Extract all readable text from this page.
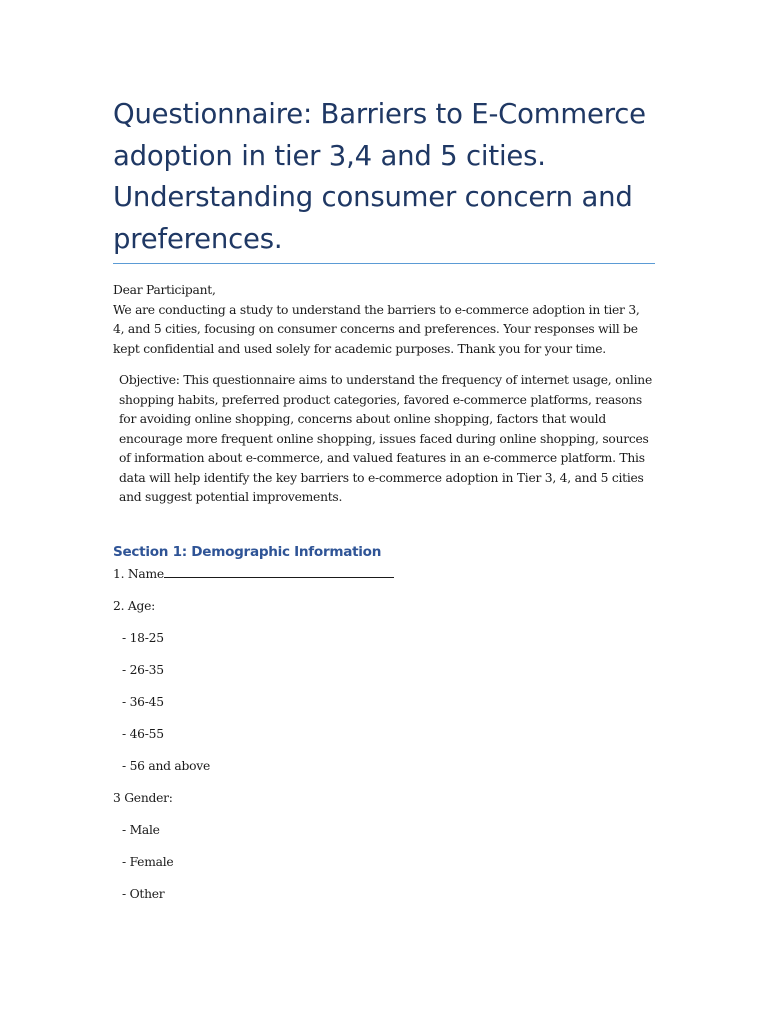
Questionnaire: Barriers to E-Commerce adoption in tier 3,4 and 5 cities. Understanding consumer concern and preferences.

Dear Participant,

We are conducting a study to understand the barriers to e-commerce adoption in tier 3, 4, and 5 cities, focusing on consumer concerns and preferences. Your responses will be kept confidential and used solely for academic purposes. Thank you for your time.

Objective: This questionnaire aims to understand the frequency of internet usage, online shopping habits, preferred product categories, favored e-commerce platforms, reasons for avoiding online shopping, concerns about online shopping, factors that would encourage more frequent online shopping, issues faced during online shopping, sources of information about e-commerce, and valued features in an e-commerce platform. This data will help identify the key barriers to e-commerce adoption in Tier 3, 4, and 5 cities and suggest potential improvements.

Section 1: Demographic Information
1. Name
2. Age:
- 18-25
- 26-35
- 36-45
- 46-55
- 56 and above
3 Gender:
- Male
- Female
- Other
